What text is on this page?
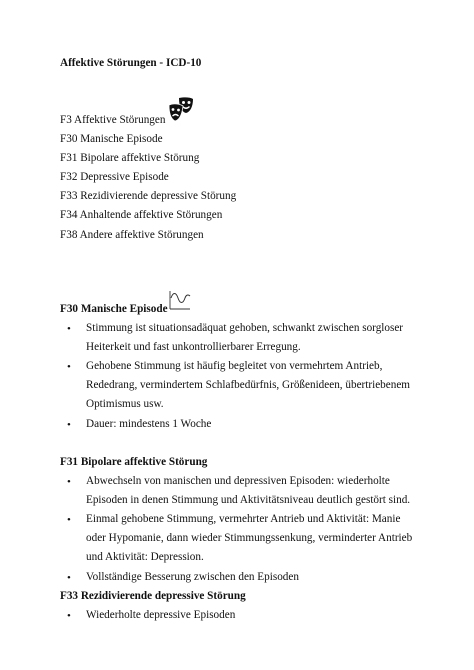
Affektive Störungen - ICD-10
F3 Affektive Störungen
F30 Manische Episode
F31 Bipolare affektive Störung
F32 Depressive Episode
F33 Rezidivierende depressive Störung
F34 Anhaltende affektive Störungen
F38 Andere affektive Störungen
F30 Manische Episode
• Stimmung ist situationsadäquat gehoben, schwankt zwischen sorgloser
Heiterkeit und fast unkontrollierbarer Erregung.
• Gehobene Stimmung ist häufig begleitet von vermehrtem Antrieb,
Rededrang, vermindertem Schlafbedürfnis, Größenideen, übertriebenem
Optimismus usw.
• Dauer: mindestens 1 Woche
F31 Bipolare affektive Störung
• Abwechseln von manischen und depressiven Episoden: wiederholte
Episoden in denen Stimmung und Aktivitätsniveau deutlich gestört sind.
• Einmal gehobene Stimmung, vermehrter Antrieb und Aktivität: Manie
oder Hypomanie, dann wieder Stimmungssenkung, verminderter Antrieb
und Aktivität: Depression.
• Vollständige Besserung zwischen den Episoden
F33 Rezidivierende depressive Störung
• Wiederholte depressive Episoden
